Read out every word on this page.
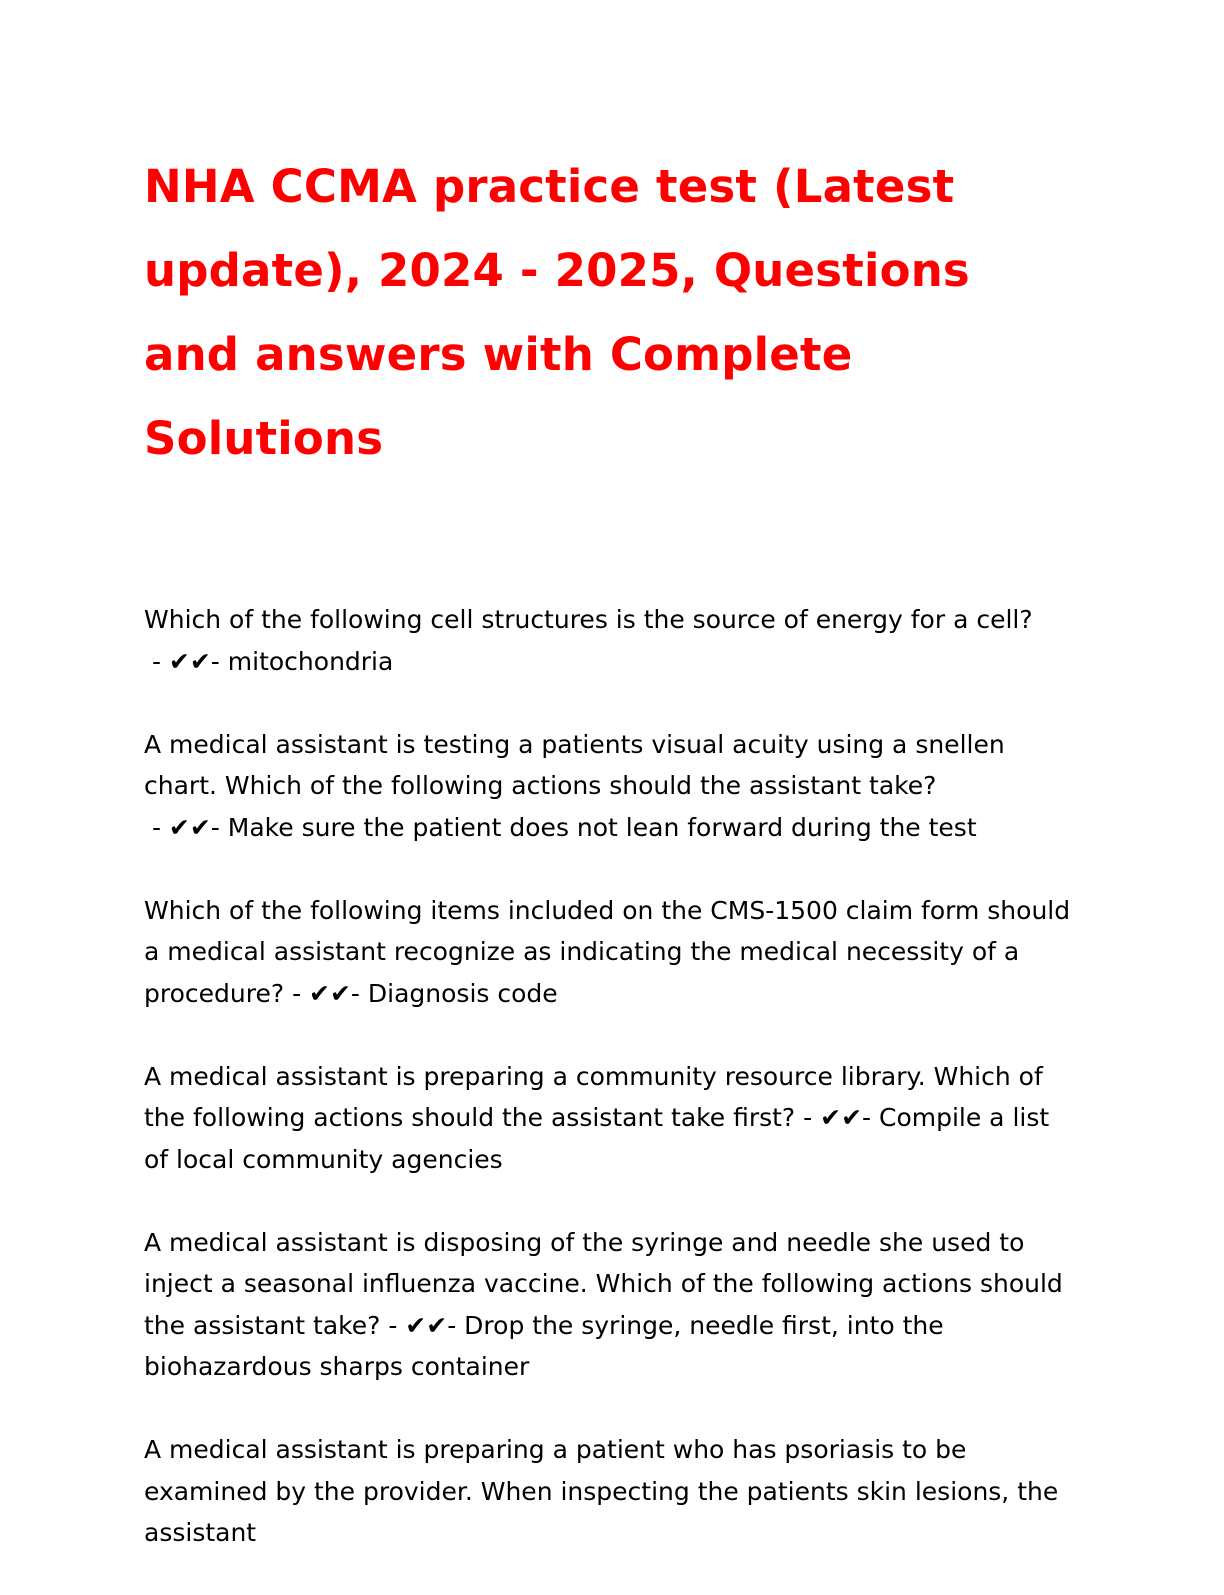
NHA CCMA practice test (Latest update), 2024 - 2025, Questions and answers with Complete Solutions

Which of the following cell structures is the source of energy for a cell? - ✔✔- mitochondria

A medical assistant is testing a patients visual acuity using a snellen chart. Which of the following actions should the assistant take? - ✔✔- Make sure the patient does not lean forward during the test

Which of the following items included on the CMS-1500 claim form should a medical assistant recognize as indicating the medical necessity of a procedure? - ✔✔- Diagnosis code

A medical assistant is preparing a community resource library. Which of the following actions should the assistant take first? - ✔✔- Compile a list of local community agencies

A medical assistant is disposing of the syringe and needle she used to inject a seasonal influenza vaccine. Which of the following actions should the assistant take? - ✔✔- Drop the syringe, needle first, into the biohazardous sharps container

A medical assistant is preparing a patient who has psoriasis to be examined by the provider. When inspecting the patients skin lesions, the assistant
